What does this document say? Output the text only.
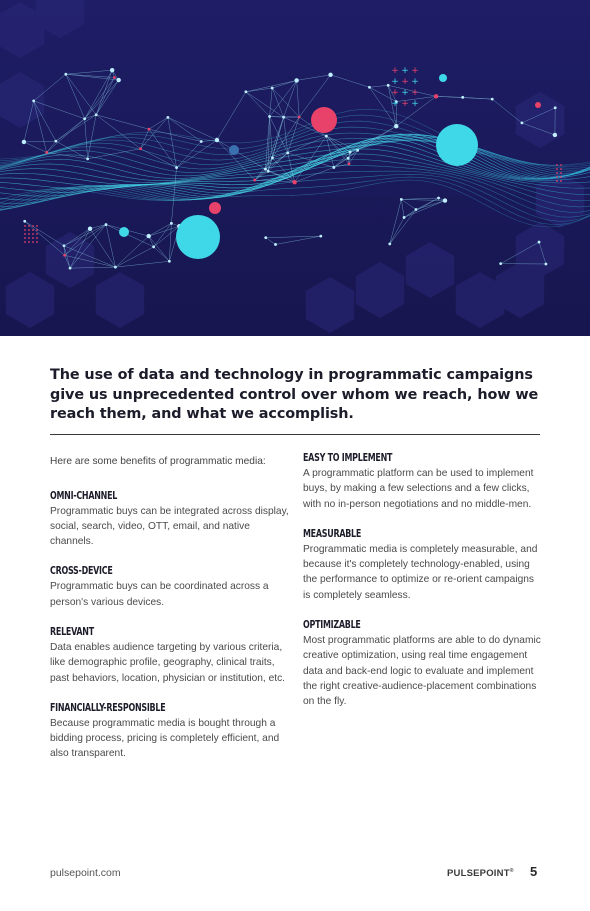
+ + +
+ + +
+ + +
+ + +
The use of data and technology in programmatic campaigns give us unprecedented control over whom we reach, how we reach them, and what we accomplish.

Here are some benefits of programmatic media:

OMNI-CHANNEL

Programmatic buys can be integrated across display, social, search, video, OTT, email, and native channels.

CROSS-DEVICE

Programmatic buys can be coordinated across a person's various devices.

RELEVANT

Data enables audience targeting by various criteria, like demographic profile, geography, clinical traits, past behaviors, location, physician or institution, etc.

FINANCIALLY-RESPONSIBLE

Because programmatic media is bought through a bidding process, pricing is completely efficient, and also transparent.

EASY TO IMPLEMENT

A programmatic platform can be used to implement buys, by making a few selections and a few clicks, with no in-person negotiations and no middle-men.

MEASURABLE

Programmatic media is completely measurable, and because it's completely technology-enabled, using the performance to optimize or re-orient campaigns is completely seamless.

OPTIMIZABLE

Most programmatic platforms are able to do dynamic creative optimization, using real time engagement data and back-end logic to evaluate and implement the right creative-audience-placement combinations on the fly.

pulsepoint.com	PULSEPOINT® 5
